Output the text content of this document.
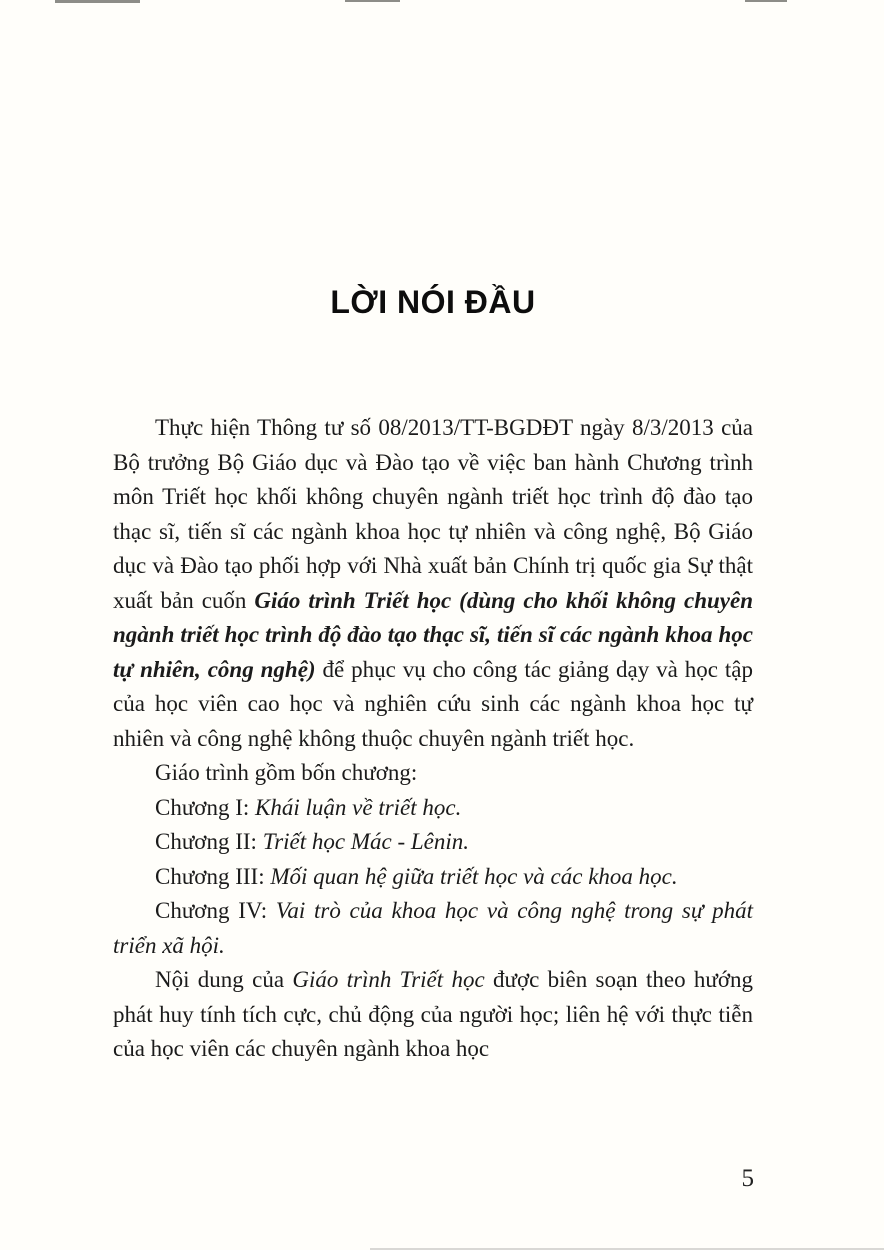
LỜI NÓI ĐẦU

Thực hiện Thông tư số 08/2013/TT-BGDĐT ngày 8/3/2013 của Bộ trưởng Bộ Giáo dục và Đào tạo về việc ban hành Chương trình môn Triết học khối không chuyên ngành triết học trình độ đào tạo thạc sĩ, tiến sĩ các ngành khoa học tự nhiên và công nghệ, Bộ Giáo dục và Đào tạo phối hợp với Nhà xuất bản Chính trị quốc gia Sự thật xuất bản cuốn Giáo trình Triết học (dùng cho khối không chuyên ngành triết học trình độ đào tạo thạc sĩ, tiến sĩ các ngành khoa học tự nhiên, công nghệ) để phục vụ cho công tác giảng dạy và học tập của học viên cao học và nghiên cứu sinh các ngành khoa học tự nhiên và công nghệ không thuộc chuyên ngành triết học.

Giáo trình gồm bốn chương:

Chương I: Khái luận về triết học.

Chương II: Triết học Mác - Lênin.

Chương III: Mối quan hệ giữa triết học và các khoa học.

Chương IV: Vai trò của khoa học và công nghệ trong sự phát triển xã hội.

Nội dung của Giáo trình Triết học được biên soạn theo hướng phát huy tính tích cực, chủ động của người học; liên hệ với thực tiễn của học viên các chuyên ngành khoa học

5
